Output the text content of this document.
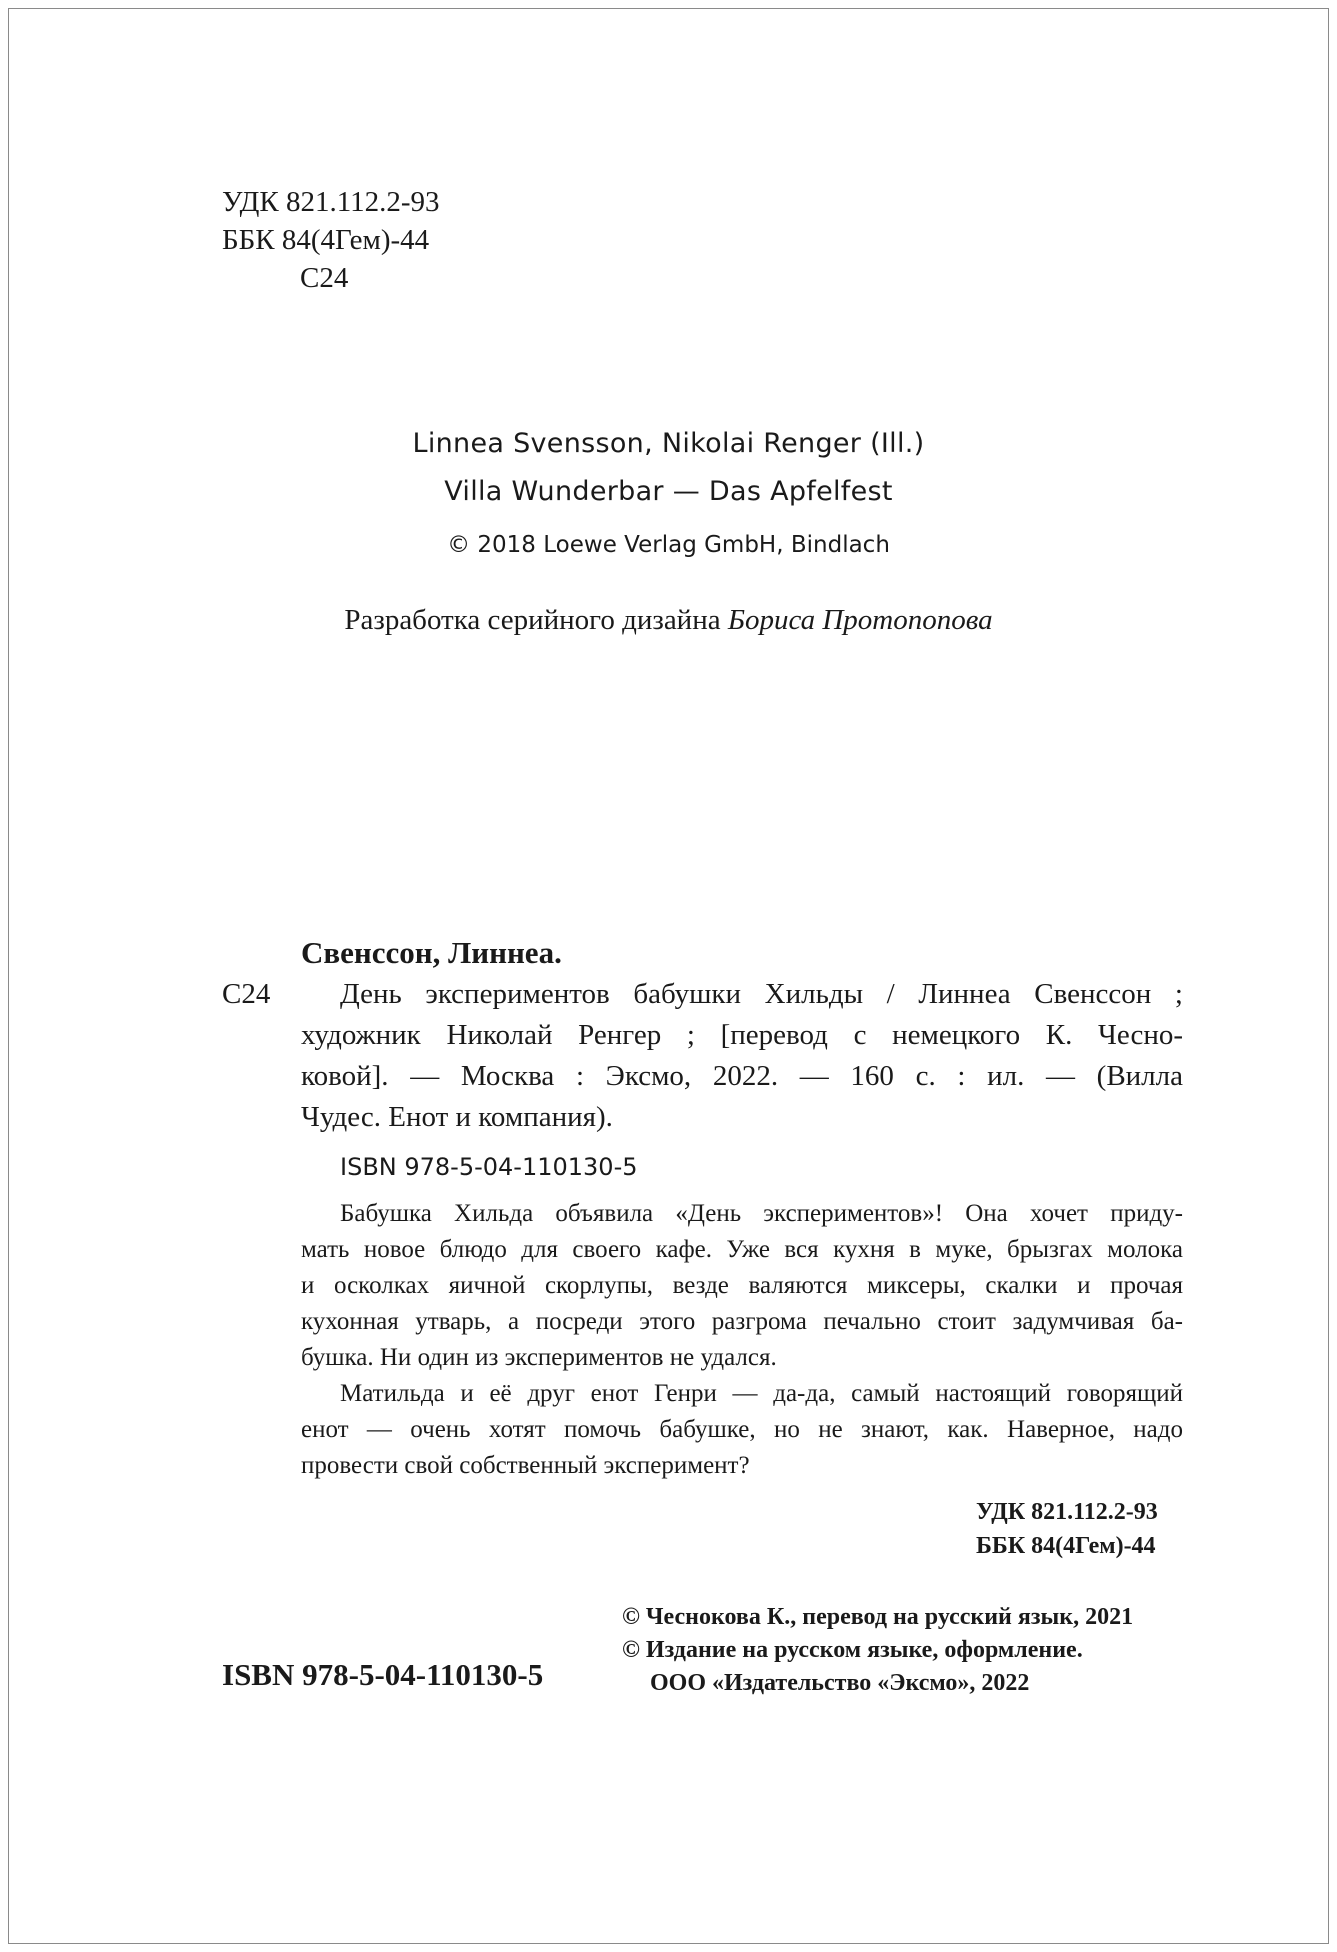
УДК 821.112.2-93
ББК 84(4Гем)-44
С24
Linnea Svensson, Nikolai Renger (Ill.)
Villa Wunderbar — Das Apfelfest
© 2018 Loewe Verlag GmbH, Bindlach
Разработка серийного дизайна Бориса Протопопова
Свенссон, Линнеа.
С24 День экспериментов бабушки Хильды / Линнеа Свенссон ;
художник Николай Ренгер ; [перевод с немецкого К. Чесно-
ковой]. — Москва : Эксмо, 2022. — 160 с. : ил. — (Вилла
Чудес. Енот и компания).
ISBN 978-5-04-110130-5
Бабушка Хильда объявила «День экспериментов»! Она хочет приду-
мать новое блюдо для своего кафе. Уже вся кухня в муке, брызгах молока
и осколках яичной скорлупы, везде валяются миксеры, скалки и прочая
кухонная утварь, а посреди этого разгрома печально стоит задумчивая ба-
бушка. Ни один из экспериментов не удался.
Матильда и её друг енот Генри — да-да, самый настоящий говорящий
енот — очень хотят помочь бабушке, но не знают, как. Наверное, надо
провести свой собственный эксперимент?
УДК 821.112.2-93
ББК 84(4Гем)-44
© Чеснокова К., перевод на русский язык, 2021
© Издание на русском языке, оформление.
ISBN 978-5-04-110130-5	ООО «Издательство «Эксмо», 2022
